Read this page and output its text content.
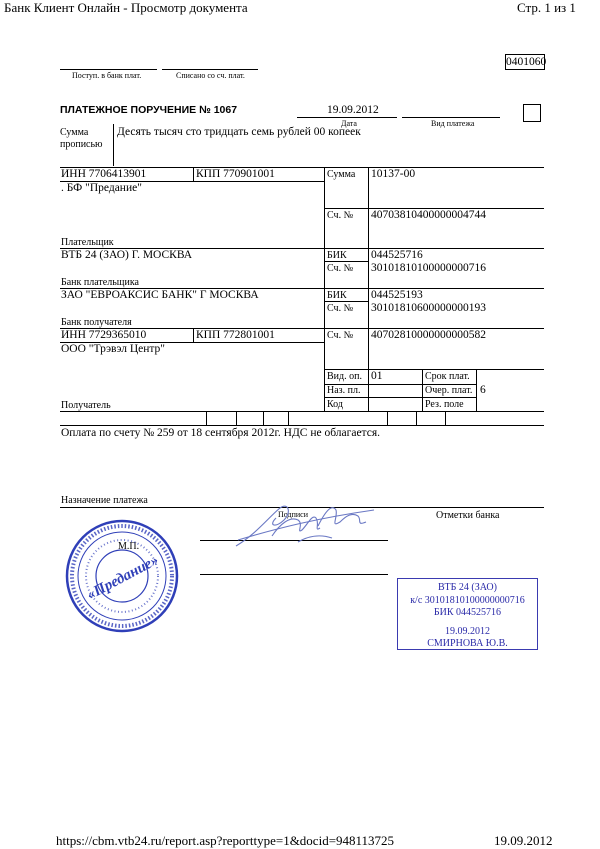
Банк Клиент Онлайн - Просмотр документа	Стр. 1 из 1
0401060
Поступ. в банк плат.	Списано со сч. плат.
ПЛАТЕЖНОЕ ПОРУЧЕНИЕ № 1067	19.09.2012
Дата	Вид платежа
Сумма
прописью
Десять тысяч сто тридцать семь рублей 00 копеек
ИНН 7706413901	КПП 770901001
. БФ "Предание"
Плательщик
Сумма 10137-00
Сч. № 40703810400000004744
ВТБ 24 (ЗАО) Г. МОСКВА
Банк плательщика
БИК 044525716
Сч. № 30101810100000000716
ЗАО "ЕВРОАКСИС БАНК" Г МОСКВА
Банк получателя
БИК 044525193
Сч. № 30101810600000000193
ИНН 7729365010	КПП 772801001
ООО "Трэвэл Центр"
Получатель
Сч. № 40702810000000000582
Вид. оп. 01	Срок плат.
Наз. пл.	Очер. плат. 6
Код	Рез. поле
Оплата по счету № 259 от 18 сентября 2012г. НДС не облагается.
Назначение платежа
Подписи	Отметки банка
М.П.
«Предание»	ВТБ 24 (ЗАО)
к/с 30101810100000000716
БИК 044525716
19.09.2012
СМИРНОВА Ю.В.
https://cbm.vtb24.ru/report.asp?reporttype=1&docid=948113725	19.09.2012
